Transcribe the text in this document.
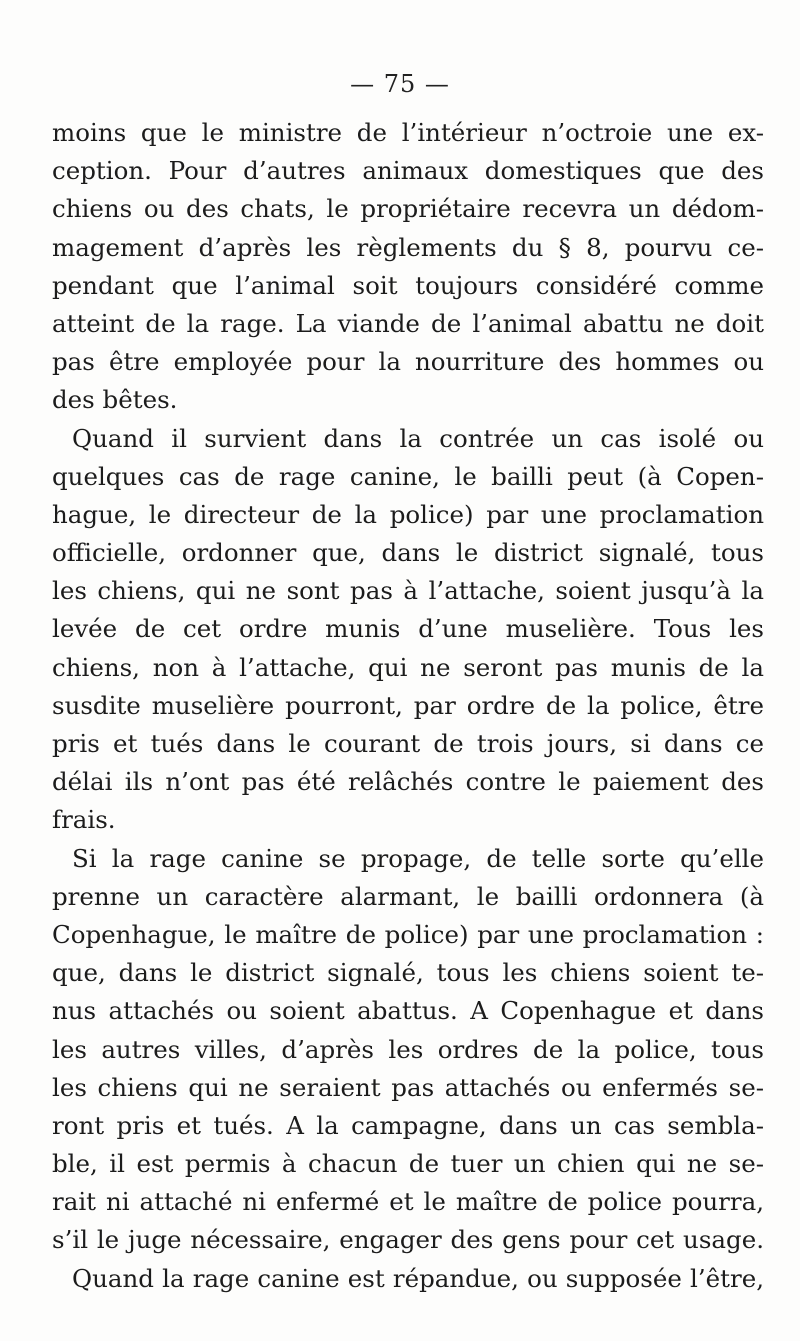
— 75 —
moins que le ministre de l’intérieur n’octroie une ex-
ception. Pour d’autres animaux domestiques que des
chiens ou des chats, le propriétaire recevra un dédom-
magement d’après les règlements du § 8, pourvu ce-
pendant que l’animal soit toujours considéré comme
atteint de la rage. La viande de l’animal abattu ne doit
pas être employée pour la nourriture des hommes ou
des bêtes.
Quand il survient dans la contrée un cas isolé ou
quelques cas de rage canine, le bailli peut (à Copen-
hague, le directeur de la police) par une proclamation
officielle, ordonner que, dans le district signalé, tous
les chiens, qui ne sont pas à l’attache, soient jusqu’à la
levée de cet ordre munis d’une muselière. Tous les
chiens, non à l’attache, qui ne seront pas munis de la
susdite muselière pourront, par ordre de la police, être
pris et tués dans le courant de trois jours, si dans ce
délai ils n’ont pas été relâchés contre le paiement des
frais.
Si la rage canine se propage, de telle sorte qu’elle
prenne un caractère alarmant, le bailli ordonnera (à
Copenhague, le maître de police) par une proclamation :
que, dans le district signalé, tous les chiens soient te-
nus attachés ou soient abattus. A Copenhague et dans
les autres villes, d’après les ordres de la police, tous
les chiens qui ne seraient pas attachés ou enfermés se-
ront pris et tués. A la campagne, dans un cas sembla-
ble, il est permis à chacun de tuer un chien qui ne se-
rait ni attaché ni enfermé et le maître de police pourra,
s’il le juge nécessaire, engager des gens pour cet usage.
Quand la rage canine est répandue, ou supposée l’être,
